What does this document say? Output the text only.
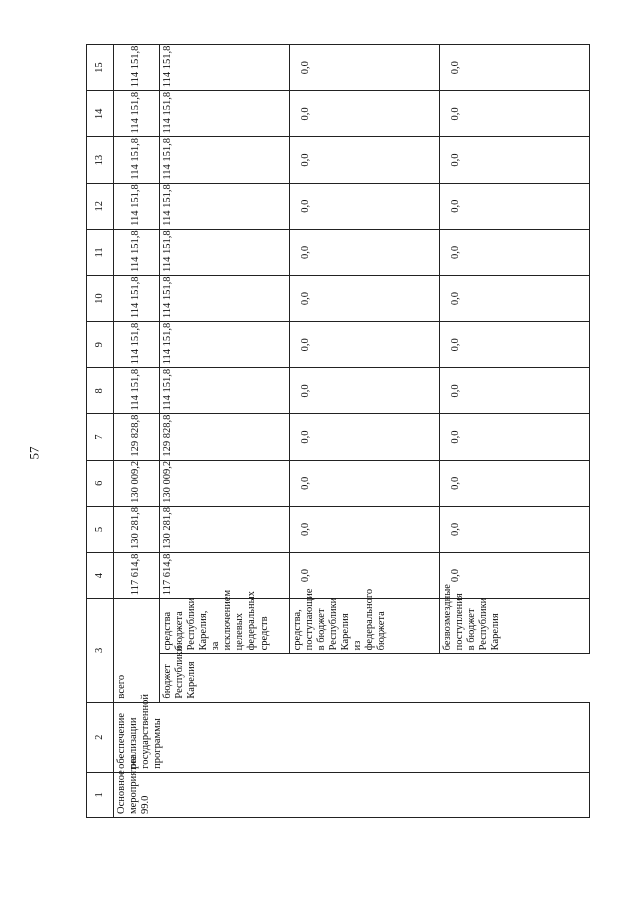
57
1	2	3		4	5	6	7	8	9	10	11	12	13	14	15
Основное мероприятие 99.0	обеспечение реализации государственной программы	всего		117 614,8	130 281,8	130 009,2	129 828,8	114 151,8	114 151,8	114 151,8	114 151,8	114 151,8	114 151,8	114 151,8	114 151,8
		бюджет Республики Карелия	средства бюджета Республики Карелия, за исключением целевых федеральных средств	117 614,8	130 281,8	130 009,2	129 828,8	114 151,8	114 151,8	114 151,8	114 151,8	114 151,8	114 151,8	114 151,8	114 151,8
			средства, поступающие в бюджет Республики Карелия из федерального бюджета	0,0	0,0	0,0	0,0	0,0	0,0	0,0	0,0	0,0	0,0	0,0	0,0
			безвозмездные поступления в бюджет Республики Карелия	0,0	0,0	0,0	0,0	0,0	0,0	0,0	0,0	0,0	0,0	0,0	0,0
